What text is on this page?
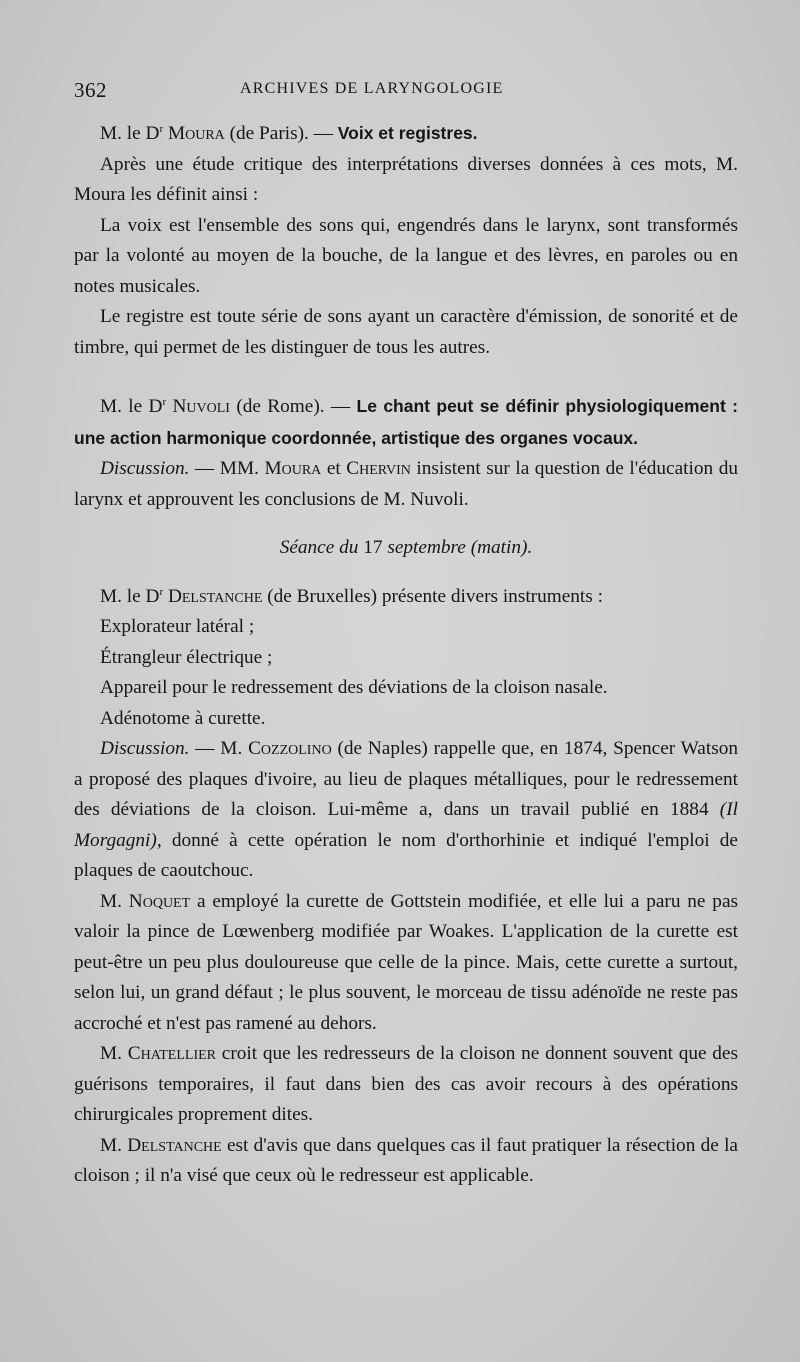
362	ARCHIVES DE LARYNGOLOGIE

M. le $D^r$ Moura (de Paris). — Voix et registres.

Après une étude critique des interprétations diverses données à ces mots, M. Moura les définit ainsi :

La voix est l'ensemble des sons qui, engendrés dans le larynx, sont transformés par la volonté au moyen de la bouche, de la langue et des lèvres, en paroles ou en notes musicales.

Le registre est toute série de sons ayant un caractère d'émission, de sonorité et de timbre, qui permet de les distinguer de tous les autres.

M. le $D^r$ Nuvoli (de Rome). — Le chant peut se définir physiologiquement : une action harmonique coordonnée, artistique des organes vocaux.

Discussion. — MM. Moura et Chervin insistent sur la question de l'éducation du larynx et approuvent les conclusions de M. Nuvoli.

Séance du 17 septembre (matin).

M. le $D^r$ Delstanche (de Bruxelles) présente divers instruments :

Explorateur latéral ;

Étrangleur électrique ;

Appareil pour le redressement des déviations de la cloison nasale.

Adénotome à curette.

Discussion. — M. Cozzolino (de Naples) rappelle que, en 1874, Spencer Watson a proposé des plaques d'ivoire, au lieu de plaques métalliques, pour le redressement des déviations de la cloison. Lui-même a, dans un travail publié en 1884 (Il Morgagni), donné à cette opération le nom d'orthorhinie et indiqué l'emploi de plaques de caoutchouc.

M. Noquet a employé la curette de Gottstein modifiée, et elle lui a paru ne pas valoir la pince de Lœwenberg modifiée par Woakes. L'application de la curette est peut-être un peu plus douloureuse que celle de la pince. Mais, cette curette a surtout, selon lui, un grand défaut ; le plus souvent, le morceau de tissu adénoïde ne reste pas accroché et n'est pas ramené au dehors.

M. Chatellier croit que les redresseurs de la cloison ne donnent souvent que des guérisons temporaires, il faut dans bien des cas avoir recours à des opérations chirurgicales proprement dites.

M. Delstanche est d'avis que dans quelques cas il faut pratiquer la résection de la cloison ; il n'a visé que ceux où le redresseur est applicable.
